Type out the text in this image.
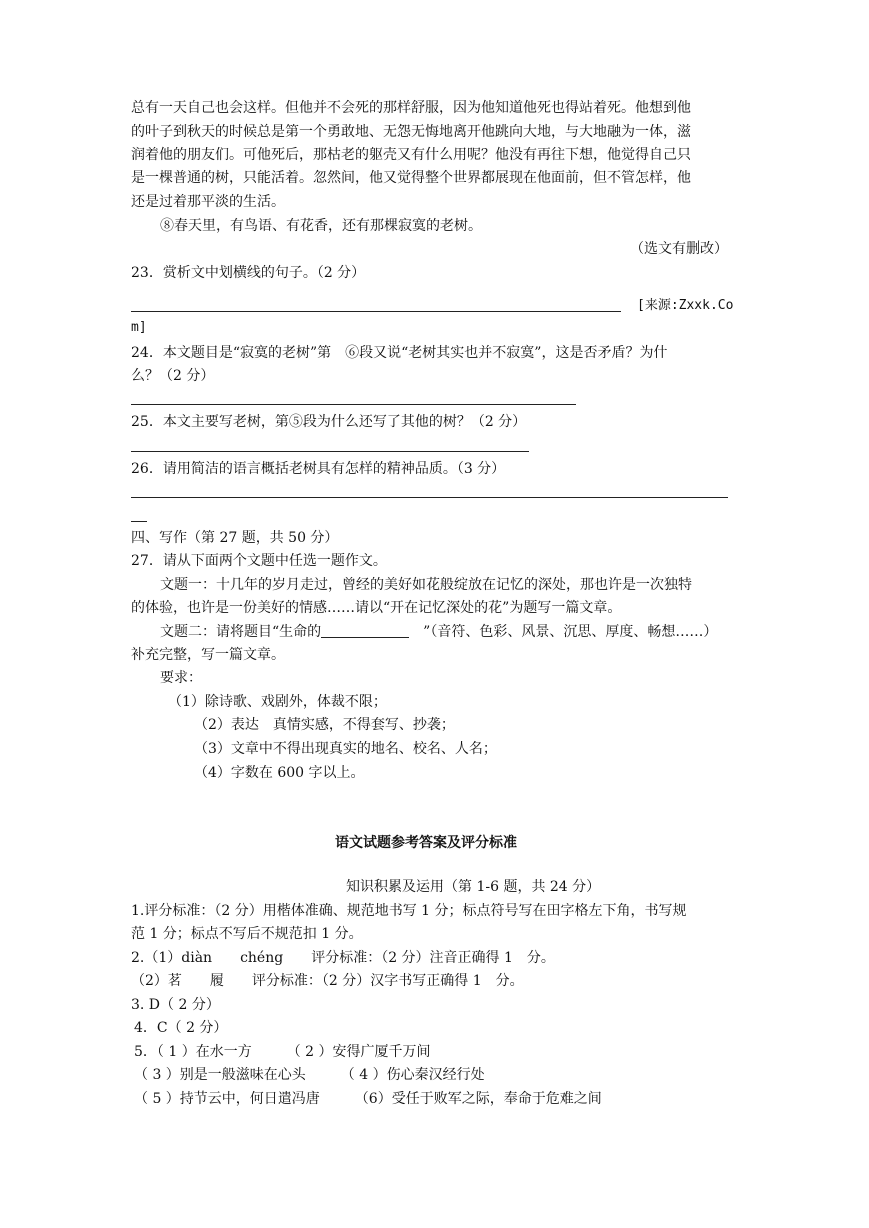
总有一天自己也会这样。但他并不会死的那样舒服，因为他知道他死也得站着死。他想到他
的叶子到秋天的时候总是第一个勇敢地、无怨无悔地离开他跳向大地，与大地融为一体，滋
润着他的朋友们。可他死后，那枯老的躯壳又有什么用呢？他没有再往下想，他觉得自己只
是一棵普通的树，只能活着。忽然间，他又觉得整个世界都展现在他面前，但不管怎样，他
还是过着那平淡的生活。
⑧春天里，有鸟语、有花香，还有那棵寂寞的老树。
（选文有删改）
23．赏析文中划横线的句子。（2 分）
[来源:Zxxk.Co
m]
24．本文题目是“寂寞的老树”第　⑥段又说“老树其实也并不寂寞”，这是否矛盾？为什
么？（2 分）
25．本文主要写老树，第⑤段为什么还写了其他的树？（2 分）
26．请用简洁的语言概括老树具有怎样的精神品质。（3 分）
四、写作（第 27 题，共 50 分）
27．请从下面两个文题中任选一题作文。
文题一：十几年的岁月走过，曾经的美好如花般绽放在记忆的深处，那也许是一次独特
的体验，也许是一份美好的情感……请以“开在记忆深处的花”为题写一篇文章。
文题二：请将题目“生命的	”（音符、色彩、风景、沉思、厚度、畅想……）
补充完整，写一篇文章。
要求：
（1）除诗歌、戏剧外，体裁不限；
（2）表达　真情实感，不得套写、抄袭；
（3）文章中不得出现真实的地名、校名、人名；
（4）字数在 600 字以上。
语文试题参考答案及评分标准
知识积累及运用（第 1-6 题，共 24 分）
1.评分标准：（2 分）用楷体准确、规范地书写 1 分；标点符号写在田字格左下角，书写规
范 1 分；标点不写后不规范扣 1 分。
2.（1）diàn　　chéng　　评分标准：（2 分）注音正确得 1　分。
（2）茗　　履　　评分标准：（2 分）汉字书写正确得 1　分。
3. D（ 2 分）
4．C（ 2 分）
5．（ 1 ）在水一方　　　（ 2 ）安得广厦千万间
（ 3 ）别是一般滋味在心头　　　（ 4 ）伤心秦汉经行处
（ 5 ）持节云中，何日遣冯唐　　　（6）受任于败军之际，奉命于危难之间
